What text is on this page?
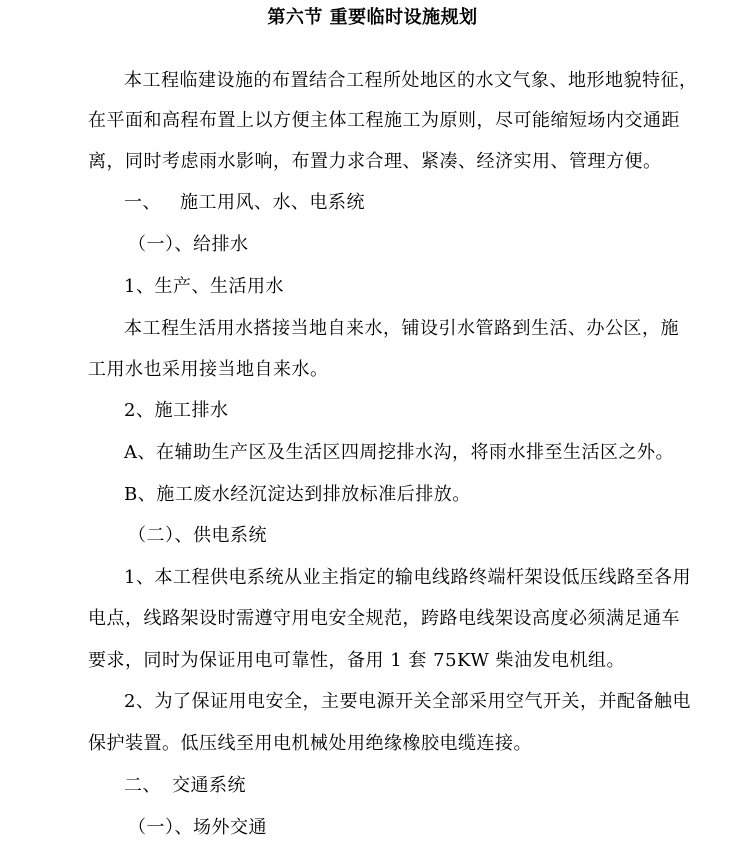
第六节 重要临时设施规划
本工程临建设施的布置结合工程所处地区的水文气象、地形地貌特征，
在平面和高程布置上以方便主体工程施工为原则，尽可能缩短场内交通距
离，同时考虑雨水影响，布置力求合理、紧凑、经济实用、管理方便。
一、 施工用风、水、电系统
（一）、给排水
1、生产、生活用水
本工程生活用水搭接当地自来水，铺设引水管路到生活、办公区，施
工用水也采用接当地自来水。
2、施工排水
A、在辅助生产区及生活区四周挖排水沟，将雨水排至生活区之外。
B、施工废水经沉淀达到排放标准后排放。
（二）、供电系统
1、本工程供电系统从业主指定的输电线路终端杆架设低压线路至各用
电点，线路架设时需遵守用电安全规范，跨路电线架设高度必须满足通车
要求，同时为保证用电可靠性，备用 1 套 75KW 柴油发电机组。
2、为了保证用电安全，主要电源开关全部采用空气开关，并配备触电
保护装置。低压线至用电机械处用绝缘橡胶电缆连接。
二、 交通系统
（一）、场外交通
